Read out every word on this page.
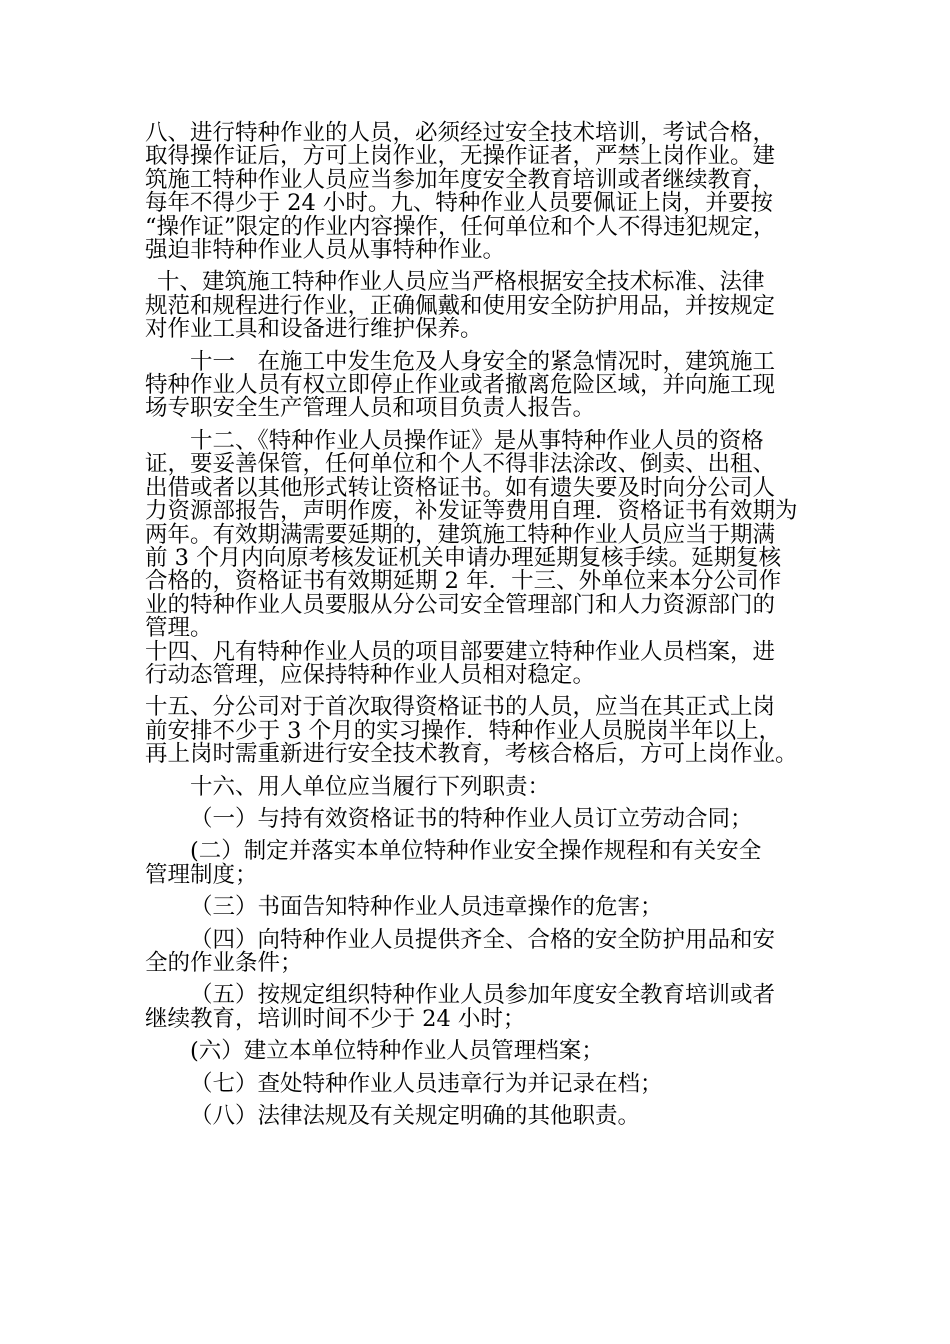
八、进行特种作业的人员，必须经过安全技术培训，考试合格，
取得操作证后，方可上岗作业，无操作证者，严禁上岗作业。建
筑施工特种作业人员应当参加年度安全教育培训或者继续教育，
每年不得少于 24 小时。九、特种作业人员要佩证上岗，并要按
“操作证”限定的作业内容操作，任何单位和个人不得违犯规定，
强迫非特种作业人员从事特种作业。

十、建筑施工特种作业人员应当严格根据安全技术标准、法律
规范和规程进行作业，正确佩戴和使用安全防护用品，并按规定
对作业工具和设备进行维护保养。

十一　在施工中发生危及人身安全的紧急情况时，建筑施工
特种作业人员有权立即停止作业或者撤离危险区域，并向施工现
场专职安全生产管理人员和项目负责人报告。

十二、《特种作业人员操作证》是从事特种作业人员的资格
证，要妥善保管，任何单位和个人不得非法涂改、倒卖、出租、
出借或者以其他形式转让资格证书。如有遗失要及时向分公司人
力资源部报告，声明作废，补发证等费用自理．资格证书有效期为
两年。有效期满需要延期的，建筑施工特种作业人员应当于期满
前 3 个月内向原考核发证机关申请办理延期复核手续。延期复核
合格的，资格证书有效期延期 2 年．十三、外单位来本分公司作
业的特种作业人员要服从分公司安全管理部门和人力资源部门的
管理。

十四、凡有特种作业人员的项目部要建立特种作业人员档案，进
行动态管理，应保持特种作业人员相对稳定。

十五、分公司对于首次取得资格证书的人员，应当在其正式上岗
前安排不少于 3 个月的实习操作．特种作业人员脱岗半年以上，
再上岗时需重新进行安全技术教育，考核合格后，方可上岗作业。

十六、用人单位应当履行下列职责：

（一）与持有效资格证书的特种作业人员订立劳动合同；

(二）制定并落实本单位特种作业安全操作规程和有关安全
管理制度；

（三）书面告知特种作业人员违章操作的危害；

（四）向特种作业人员提供齐全、合格的安全防护用品和安
全的作业条件；

（五）按规定组织特种作业人员参加年度安全教育培训或者
继续教育，培训时间不少于 24 小时；

(六）建立本单位特种作业人员管理档案；

（七）查处特种作业人员违章行为并记录在档；

（八）法律法规及有关规定明确的其他职责。
